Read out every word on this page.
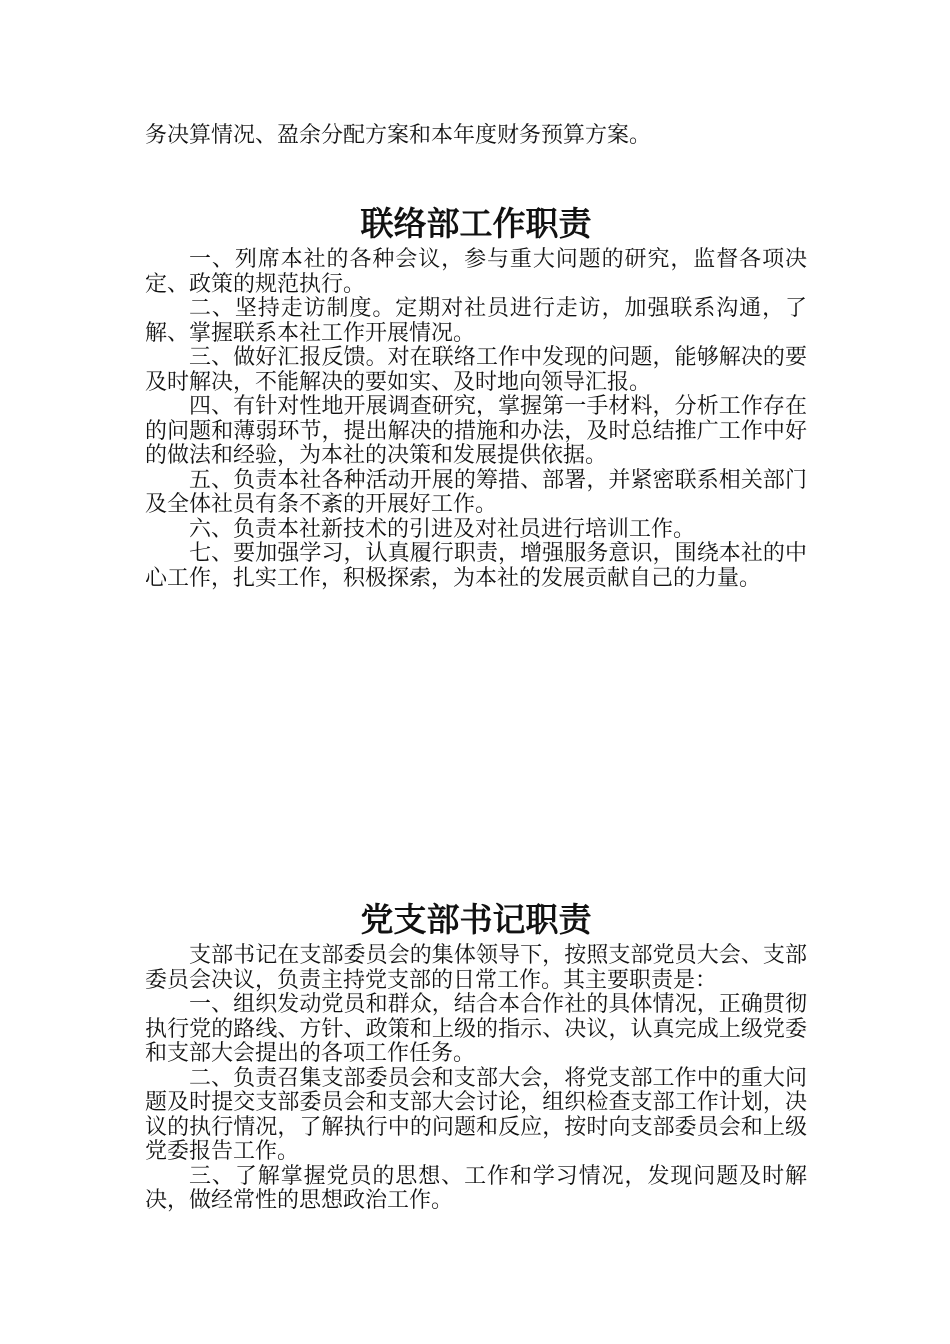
务决算情况、盈余分配方案和本年度财务预算方案。

联络部工作职责

一、列席本社的各种会议，参与重大问题的研究，监督各项决定、政策的规范执行。

二、坚持走访制度。定期对社员进行走访，加强联系沟通，了解、掌握联系本社工作开展情况。

三、做好汇报反馈。对在联络工作中发现的问题，能够解决的要及时解决，不能解决的要如实、及时地向领导汇报。

四、有针对性地开展调查研究，掌握第一手材料，分析工作存在的问题和薄弱环节，提出解决的措施和办法，及时总结推广工作中好的做法和经验，为本社的决策和发展提供依据。

五、负责本社各种活动开展的筹措、部署，并紧密联系相关部门及全体社员有条不紊的开展好工作。

六、负责本社新技术的引进及对社员进行培训工作。

七、要加强学习，认真履行职责，增强服务意识，围绕本社的中心工作，扎实工作，积极探索，为本社的发展贡献自己的力量。

党支部书记职责

支部书记在支部委员会的集体领导下，按照支部党员大会、支部委员会决议，负责主持党支部的日常工作。其主要职责是：

一、组织发动党员和群众，结合本合作社的具体情况，正确贯彻执行党的路线、方针、政策和上级的指示、决议，认真完成上级党委和支部大会提出的各项工作任务。

二、负责召集支部委员会和支部大会，将党支部工作中的重大问题及时提交支部委员会和支部大会讨论，组织检查支部工作计划，决议的执行情况，了解执行中的问题和反应，按时向支部委员会和上级党委报告工作。

三、了解掌握党员的思想、工作和学习情况，发现问题及时解决，做经常性的思想政治工作。
